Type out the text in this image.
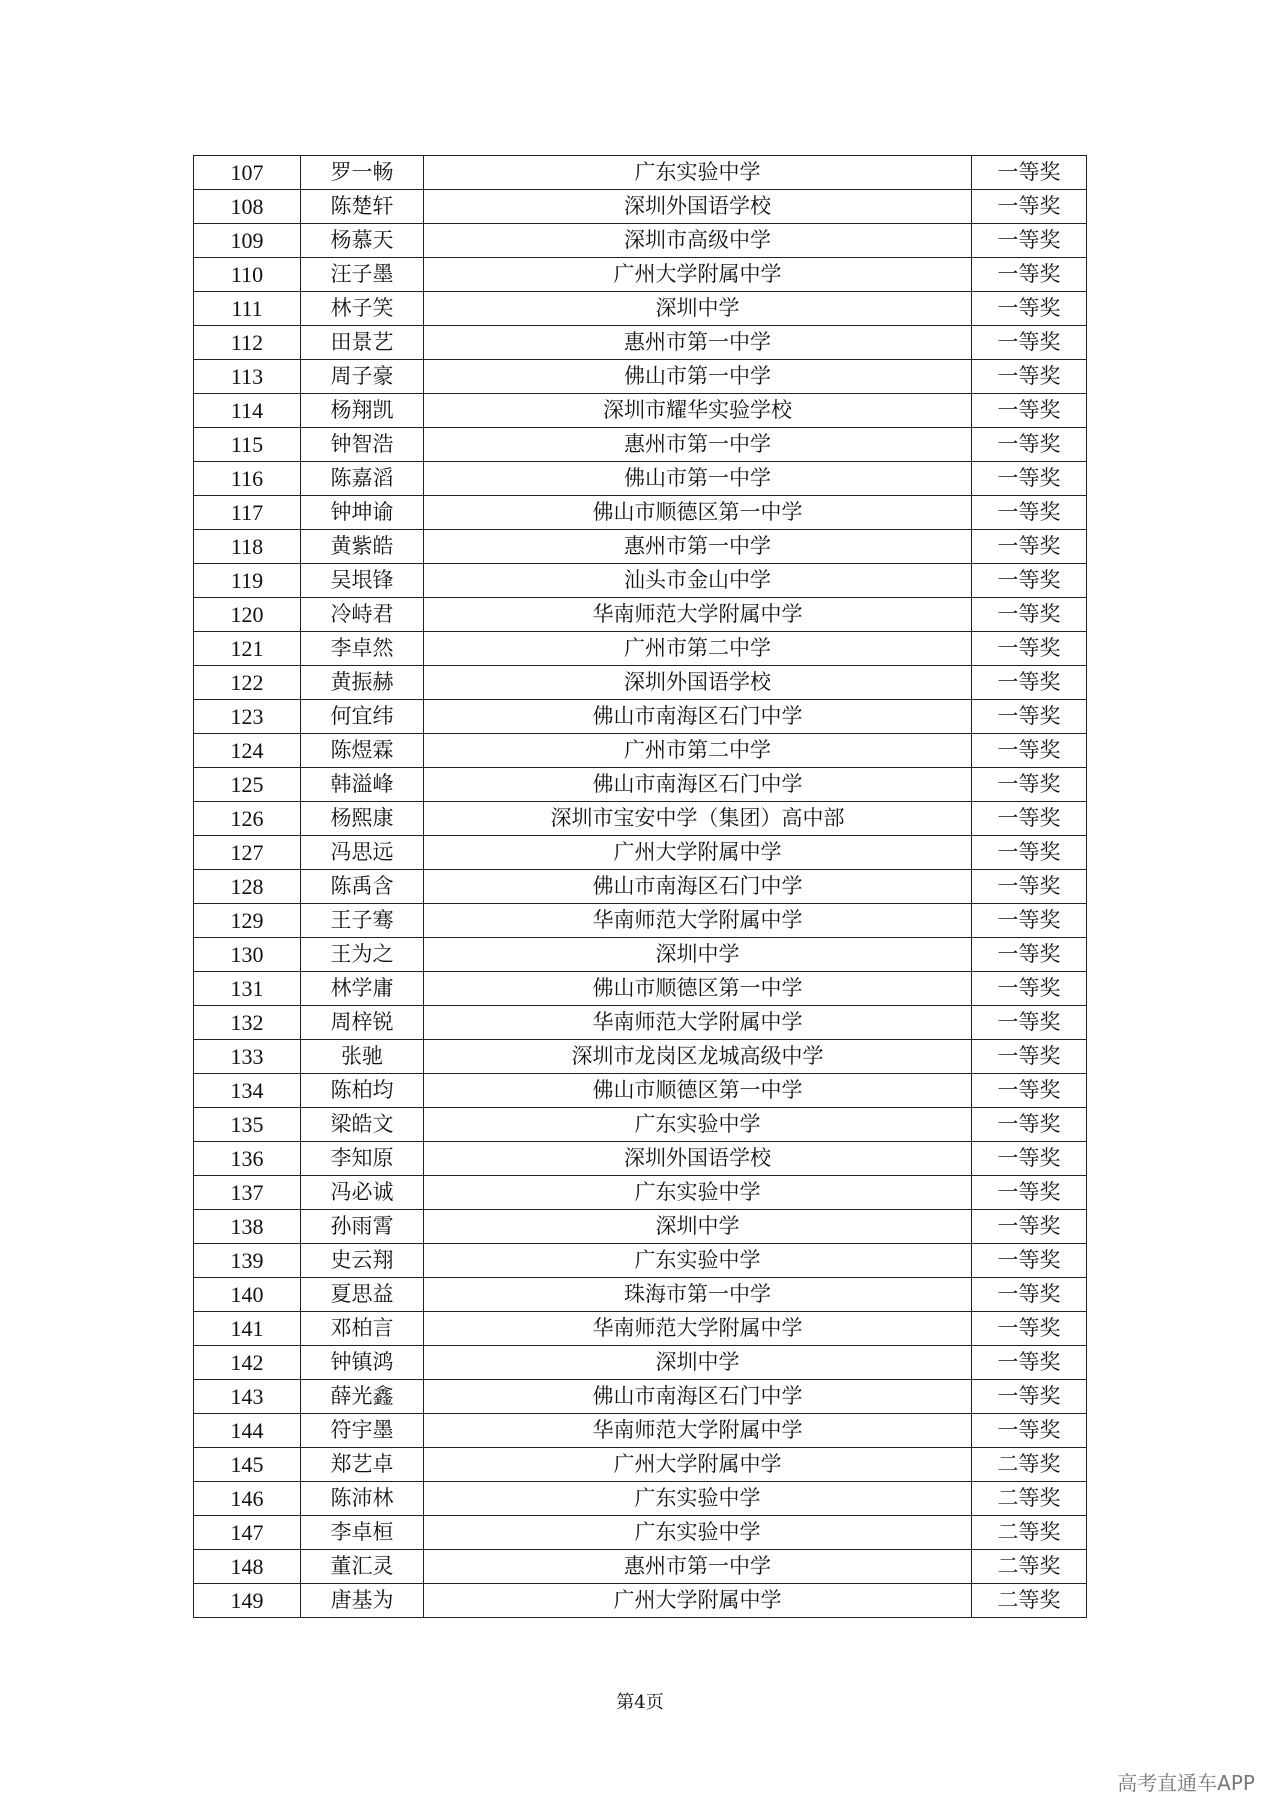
107	罗一畅	广东实验中学	一等奖
108	陈楚轩	深圳外国语学校	一等奖
109	杨慕天	深圳市高级中学	一等奖
110	汪子墨	广州大学附属中学	一等奖
111	林子笑	深圳中学	一等奖
112	田景艺	惠州市第一中学	一等奖
113	周子豪	佛山市第一中学	一等奖
114	杨翔凯	深圳市耀华实验学校	一等奖
115	钟智浩	惠州市第一中学	一等奖
116	陈嘉滔	佛山市第一中学	一等奖
117	钟坤谕	佛山市顺德区第一中学	一等奖
118	黄紫皓	惠州市第一中学	一等奖
119	吴垠锋	汕头市金山中学	一等奖
120	冷峙君	华南师范大学附属中学	一等奖
121	李卓然	广州市第二中学	一等奖
122	黄振赫	深圳外国语学校	一等奖
123	何宜纬	佛山市南海区石门中学	一等奖
124	陈煜霖	广州市第二中学	一等奖
125	韩溢峰	佛山市南海区石门中学	一等奖
126	杨熙康	深圳市宝安中学（集团）高中部	一等奖
127	冯思远	广州大学附属中学	一等奖
128	陈禹含	佛山市南海区石门中学	一等奖
129	王子骞	华南师范大学附属中学	一等奖
130	王为之	深圳中学	一等奖
131	林学庸	佛山市顺德区第一中学	一等奖
132	周梓锐	华南师范大学附属中学	一等奖
133	张驰	深圳市龙岗区龙城高级中学	一等奖
134	陈柏均	佛山市顺德区第一中学	一等奖
135	梁皓文	广东实验中学	一等奖
136	李知原	深圳外国语学校	一等奖
137	冯必诚	广东实验中学	一等奖
138	孙雨霄	深圳中学	一等奖
139	史云翔	广东实验中学	一等奖
140	夏思益	珠海市第一中学	一等奖
141	邓柏言	华南师范大学附属中学	一等奖
142	钟镇鸿	深圳中学	一等奖
143	薛光鑫	佛山市南海区石门中学	一等奖
144	符宇墨	华南师范大学附属中学	一等奖
145	郑艺卓	广州大学附属中学	二等奖
146	陈沛林	广东实验中学	二等奖
147	李卓桓	广东实验中学	二等奖
148	董汇灵	惠州市第一中学	二等奖
149	唐基为	广州大学附属中学	二等奖
第4页
高考直通车APP
